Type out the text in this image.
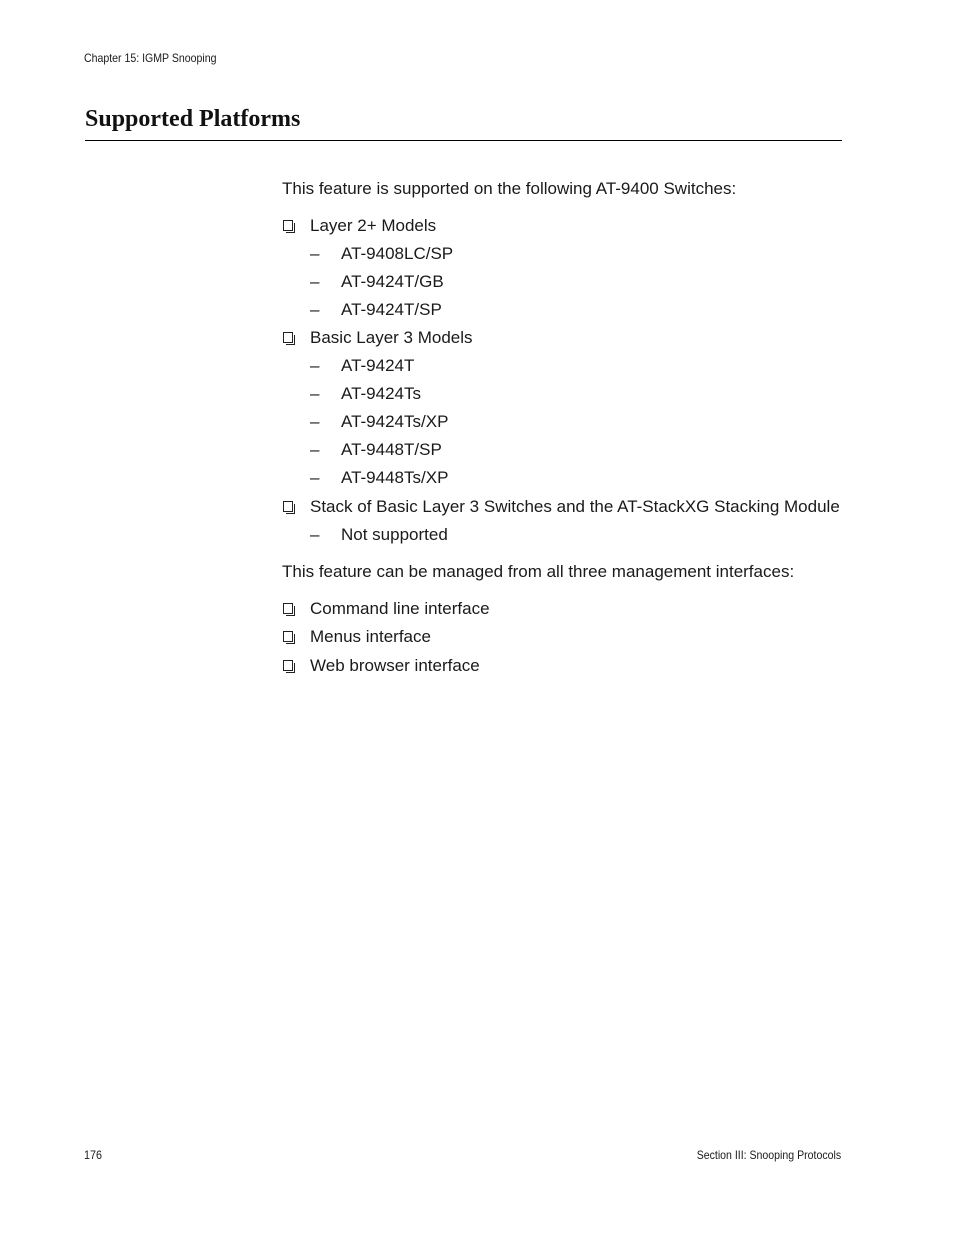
Chapter 15: IGMP Snooping
Supported Platforms

This feature is supported on the following AT-9400 Switches:

Layer 2+ Models
– AT-9408LC/SP
– AT-9424T/GB
– AT-9424T/SP
Basic Layer 3 Models
– AT-9424T
– AT-9424Ts
– AT-9424Ts/XP
– AT-9448T/SP
– AT-9448Ts/XP
Stack of Basic Layer 3 Switches and the AT-StackXG Stacking Module
– Not supported

This feature can be managed from all three management interfaces:

Command line interface
Menus interface
Web browser interface
176	Section III: Snooping Protocols
